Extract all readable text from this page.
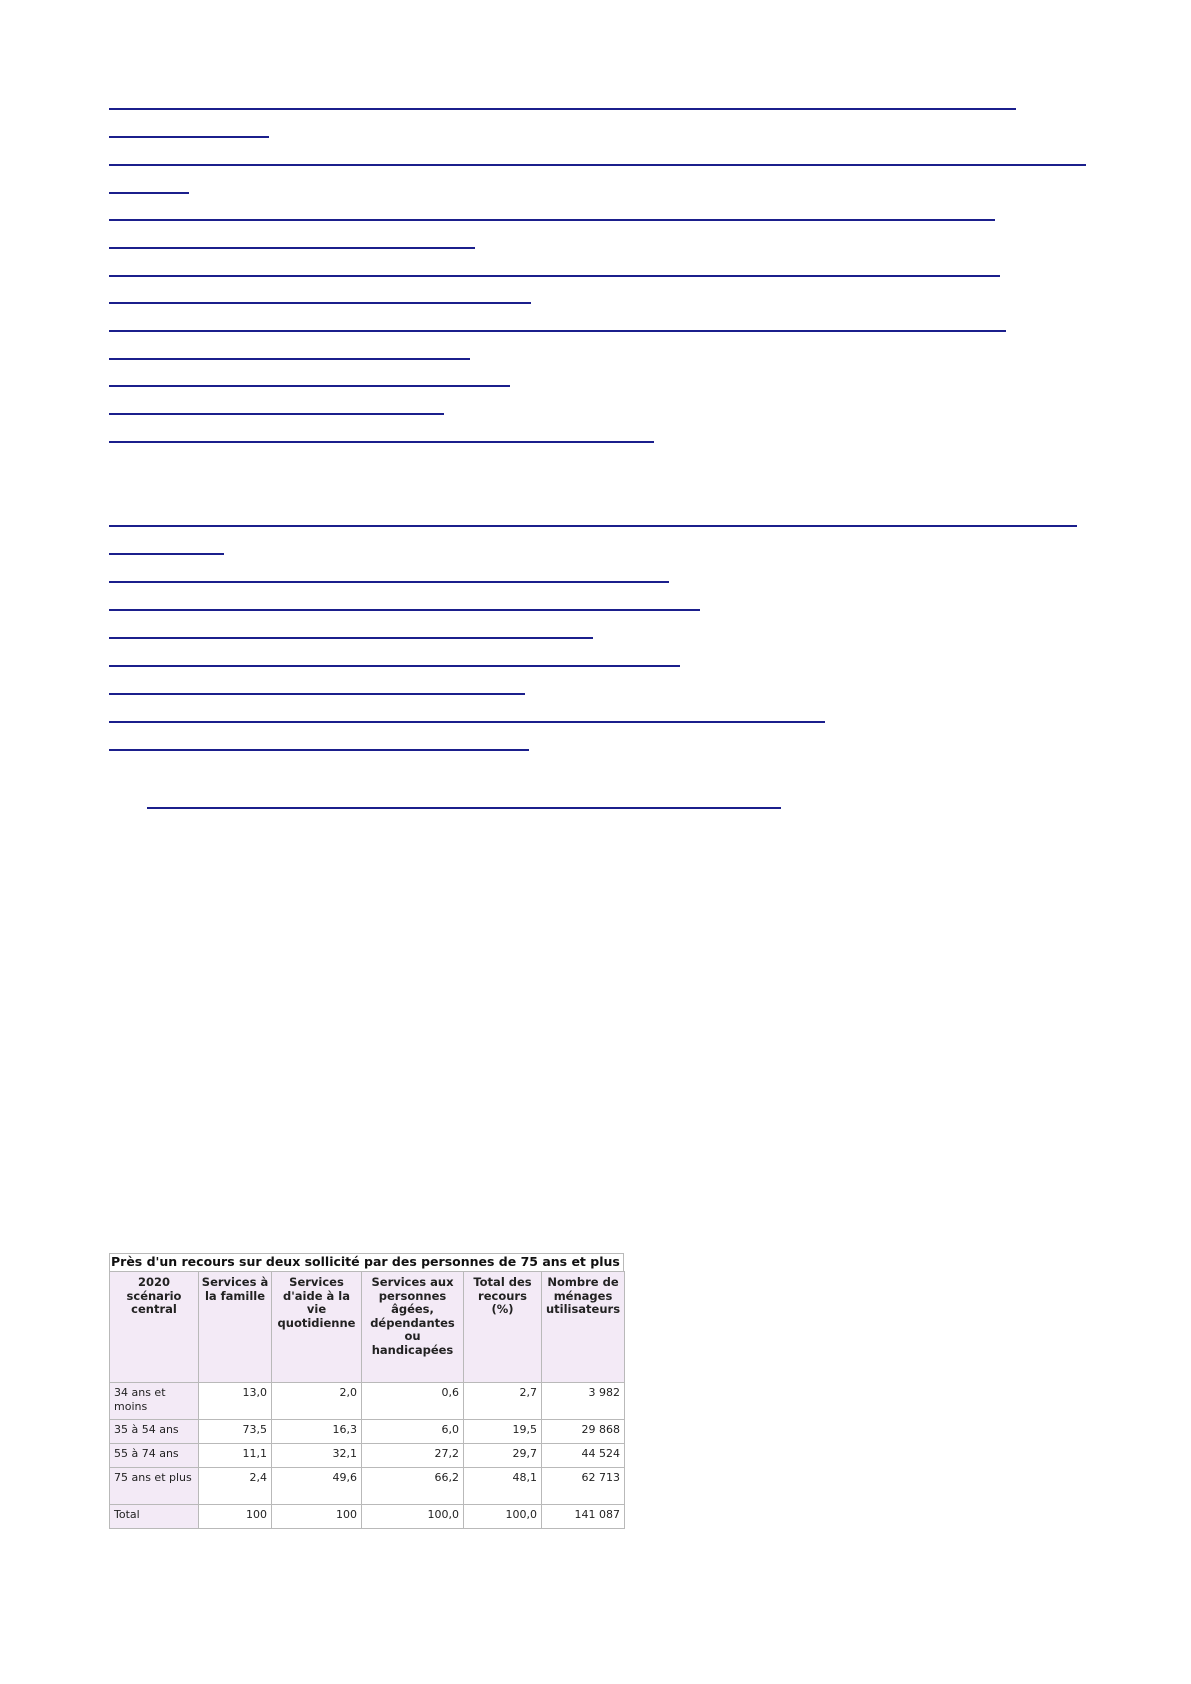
Près d'un recours sur deux sollicité par des personnes de 75 ans et plus
2020 scénario central	Services à la famille	Services d'aide à la vie quotidienne	Services aux personnes âgées, dépendantes ou handicapées	Total des recours (%)	Nombre de ménages utilisateurs
34 ans et moins	13,0	2,0	0,6	2,7	3 982
35 à 54 ans	73,5	16,3	6,0	19,5	29 868
55 à 74 ans	11,1	32,1	27,2	29,7	44 524
75 ans et plus	2,4	49,6	66,2	48,1	62 713
Total	100	100	100,0	100,0	141 087
